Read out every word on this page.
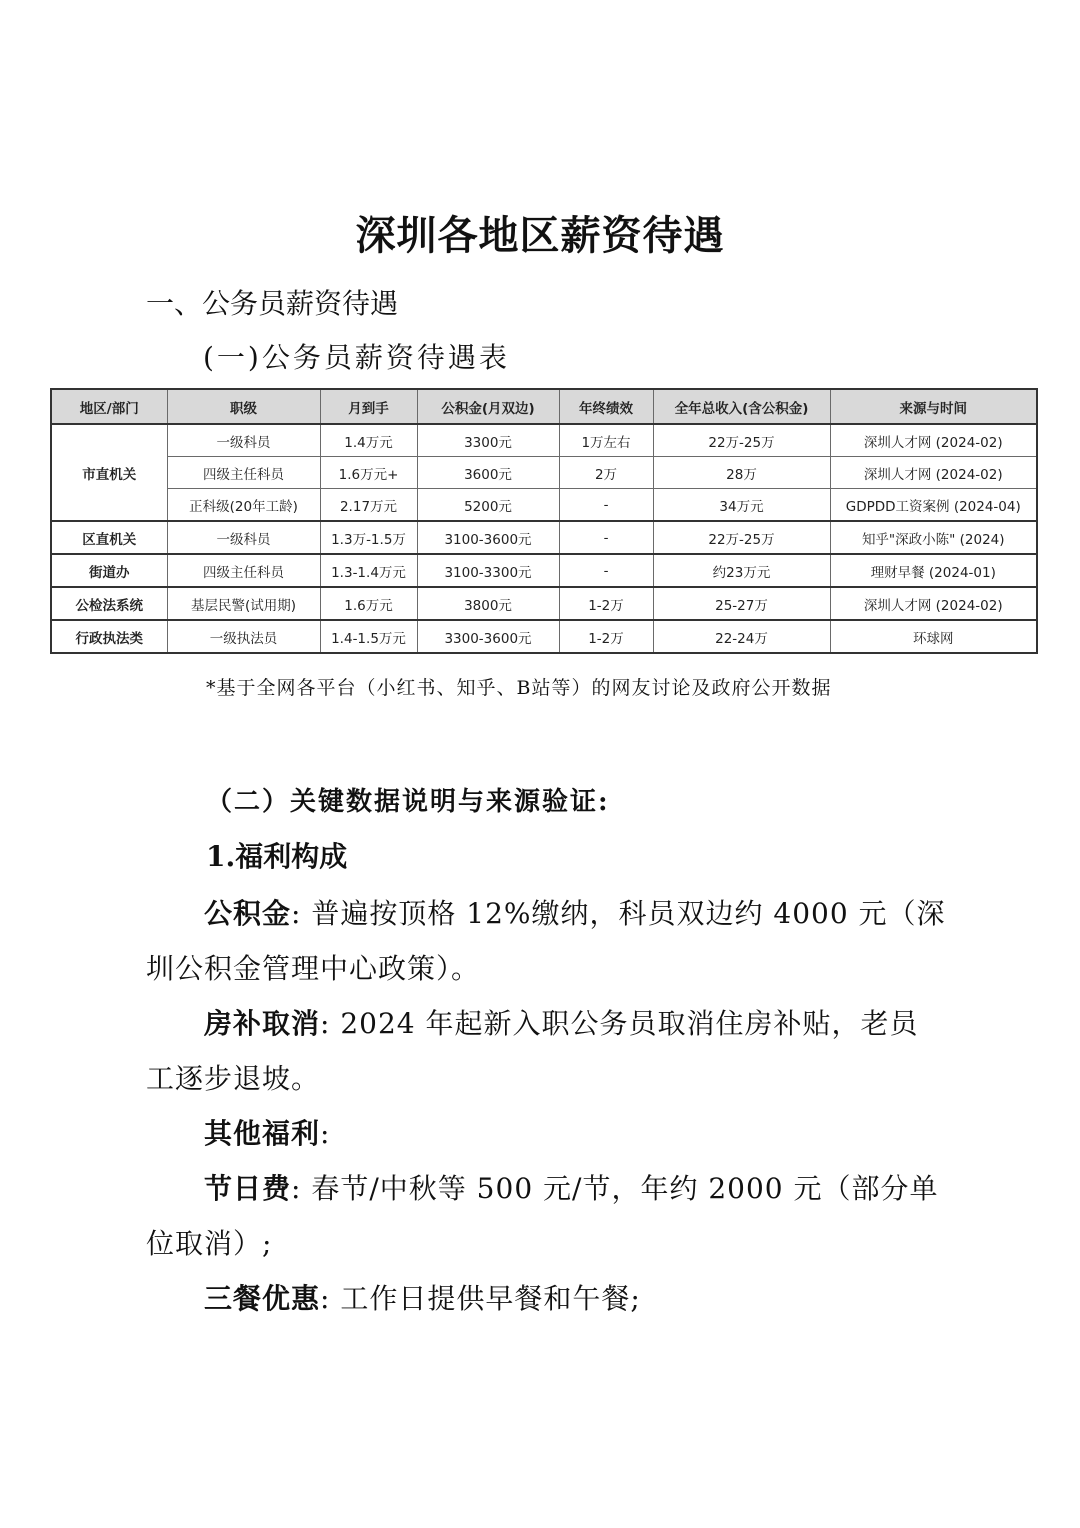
深圳各地区薪资待遇
一、公务员薪资待遇
(一)公务员薪资待遇表
地区/部门	职级	月到手	公积金(月双边)	年终绩效	全年总收入(含公积金)	来源与时间
市直机关	一级科员	1.4万元	3300元	1万左右	22万-25万	深圳人才网 (2024-02)
	四级主任科员	1.6万元+	3600元	2万	28万	深圳人才网 (2024-02)
	正科级(20年工龄)	2.17万元	5200元	-	34万元	GDPDD工资案例 (2024-04)
区直机关	一级科员	1.3万-1.5万	3100-3600元	-	22万-25万	知乎"深政小陈" (2024)
街道办	四级主任科员	1.3-1.4万元	3100-3300元	-	约23万元	理财早餐 (2024-01)
公检法系统	基层民警(试用期)	1.6万元	3800元	1-2万	25-27万	深圳人才网 (2024-02)
行政执法类	一级执法员	1.4-1.5万元	3300-3600元	1-2万	22-24万	环球网
*基于全网各平台（小红书、知乎、B站等）的网友讨论及政府公开数据
（二）关键数据说明与来源验证:
1.福利构成
公积金: 普遍按顶格 12%缴纳，科员双边约 4000 元（深圳公积金管理中心政策）。
房补取消: 2024 年起新入职公务员取消住房补贴，老员工逐步退坡。
其他福利:
节日费: 春节/中秋等 500 元/节，年约 2000 元（部分单位取消）;
三餐优惠: 工作日提供早餐和午餐;
